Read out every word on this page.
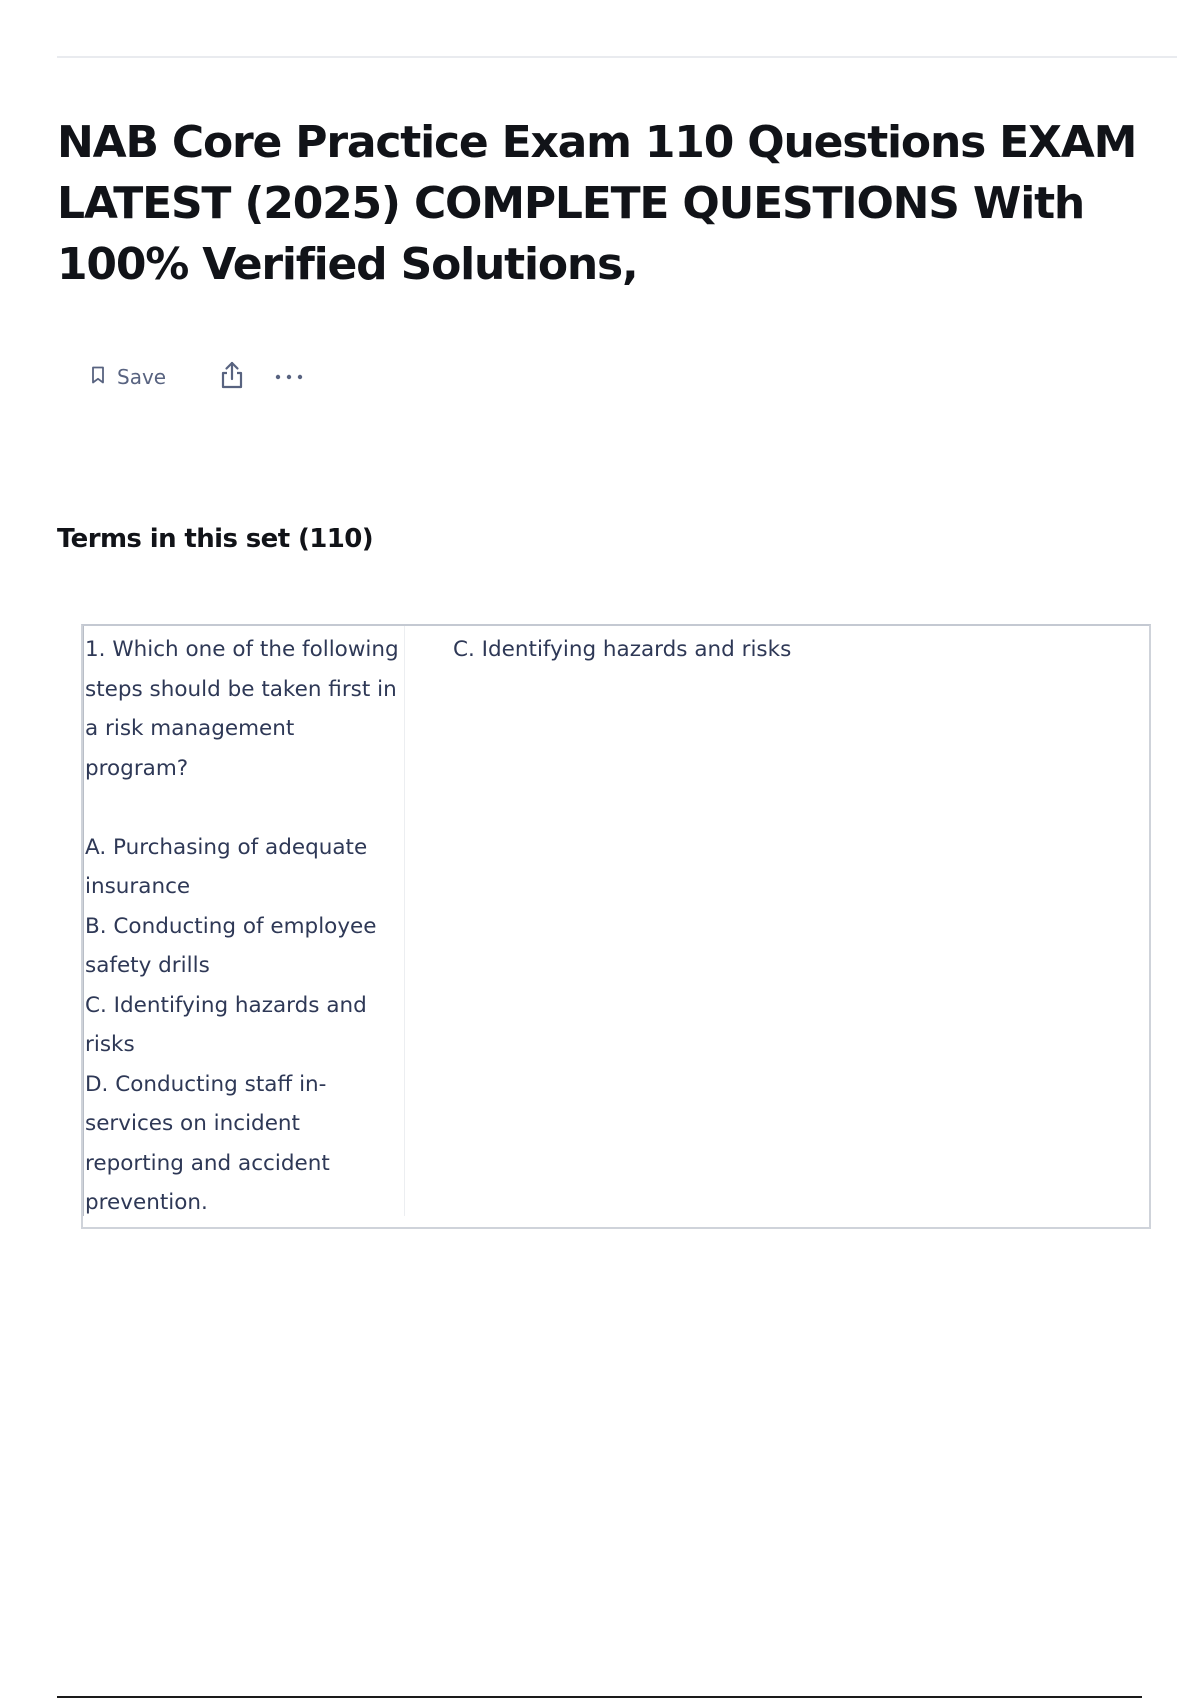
NAB Core Practice Exam 110 Questions EXAM LATEST (2025) COMPLETE QUESTIONS With 100% Verified Solutions,
Save
Terms in this set (110)

1. Which one of the following steps should be taken first in a risk management program?

A. Purchasing of adequate insurance
B. Conducting of employee safety drills
C. Identifying hazards and risks
D. Conducting staff in-services on incident reporting and accident prevention.

C. Identifying hazards and risks
